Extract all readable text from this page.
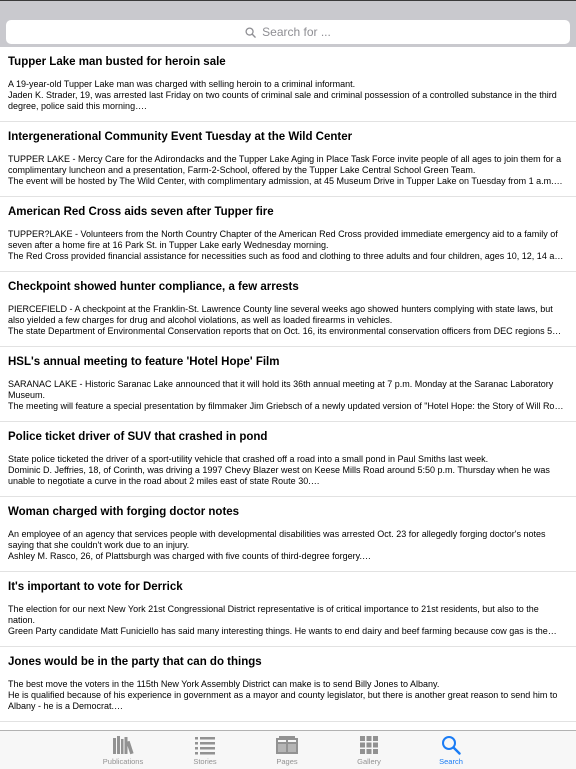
Search for ...
Tupper Lake man busted for heroin sale
A 19-year-old Tupper Lake man was charged with selling heroin to a criminal informant.
Jaden K. Strader, 19, was arrested last Friday on two counts of criminal sale and criminal possession of a controlled substance in the third degree, police said this morning….
Intergenerational Community Event Tuesday at the Wild Center
TUPPER LAKE - Mercy Care for the Adirondacks and the Tupper Lake Aging in Place Task Force invite people of all ages to join them for a complimentary luncheon and a presentation, Farm-2-School, offered by the Tupper Lake Central School Green Team.
The event will be hosted by The Wild Center, with complimentary admission, at 45 Museum Drive in Tupper Lake on Tuesday from 1 a.m.…
American Red Cross aids seven after Tupper fire
TUPPER?LAKE - Volunteers from the North Country Chapter of the American Red Cross provided immediate emergency aid to a family of seven after a home fire at 16 Park St. in Tupper Lake early Wednesday morning.
The Red Cross provided financial assistance for necessities such as food and clothing to three adults and four children, ages 10, 12, 14 a…
Checkpoint showed hunter compliance, a few arrests
PIERCEFIELD - A checkpoint at the Franklin-St. Lawrence County line several weeks ago showed hunters complying with state laws, but also yielded a few charges for drug and alcohol violations, as well as loaded firearms in vehicles.
The state Department of Environmental Conservation reports that on Oct. 16, its environmental conservation officers from DEC regions 5…
HSL's annual meeting to feature 'Hotel Hope' Film
SARANAC LAKE - Historic Saranac Lake announced that it will hold its 36th annual meeting at 7 p.m. Monday at the Saranac Laboratory Museum.
The meeting will feature a special presentation by filmmaker Jim Griebsch of a newly updated version of "Hotel Hope: the Story of Will Ro…
Police ticket driver of SUV that crashed in pond
State police ticketed the driver of a sport-utility vehicle that crashed off a road into a small pond in Paul Smiths last week.
Dominic D. Jeffries, 18, of Corinth, was driving a 1997 Chevy Blazer west on Keese Mills Road around 5:50 p.m. Thursday when he was unable to negotiate a curve in the road about 2 miles east of state Route 30.…
Woman charged with forging doctor notes
An employee of an agency that services people with developmental disabilities was arrested Oct. 23 for allegedly forging doctor's notes saying that she couldn't work due to an injury.
Ashley M. Rasco, 26, of Plattsburgh was charged with five counts of third-degree forgery.…
It's important to vote for Derrick
The election for our next New York 21st Congressional District representative is of critical importance to 21st residents, but also to the nation.
Green Party candidate Matt Funiciello has said many interesting things. He wants to end dairy and beef farming because cow gas is the…
Jones would be in the party that can do things
The best move the voters in the 115th New York Assembly District can make is to send Billy Jones to Albany.
He is qualified because of his experience in government as a mayor and county legislator, but there is another great reason to send him to Albany - he is a Democrat.…
Publications	Stories	Pages	Gallery	Search
